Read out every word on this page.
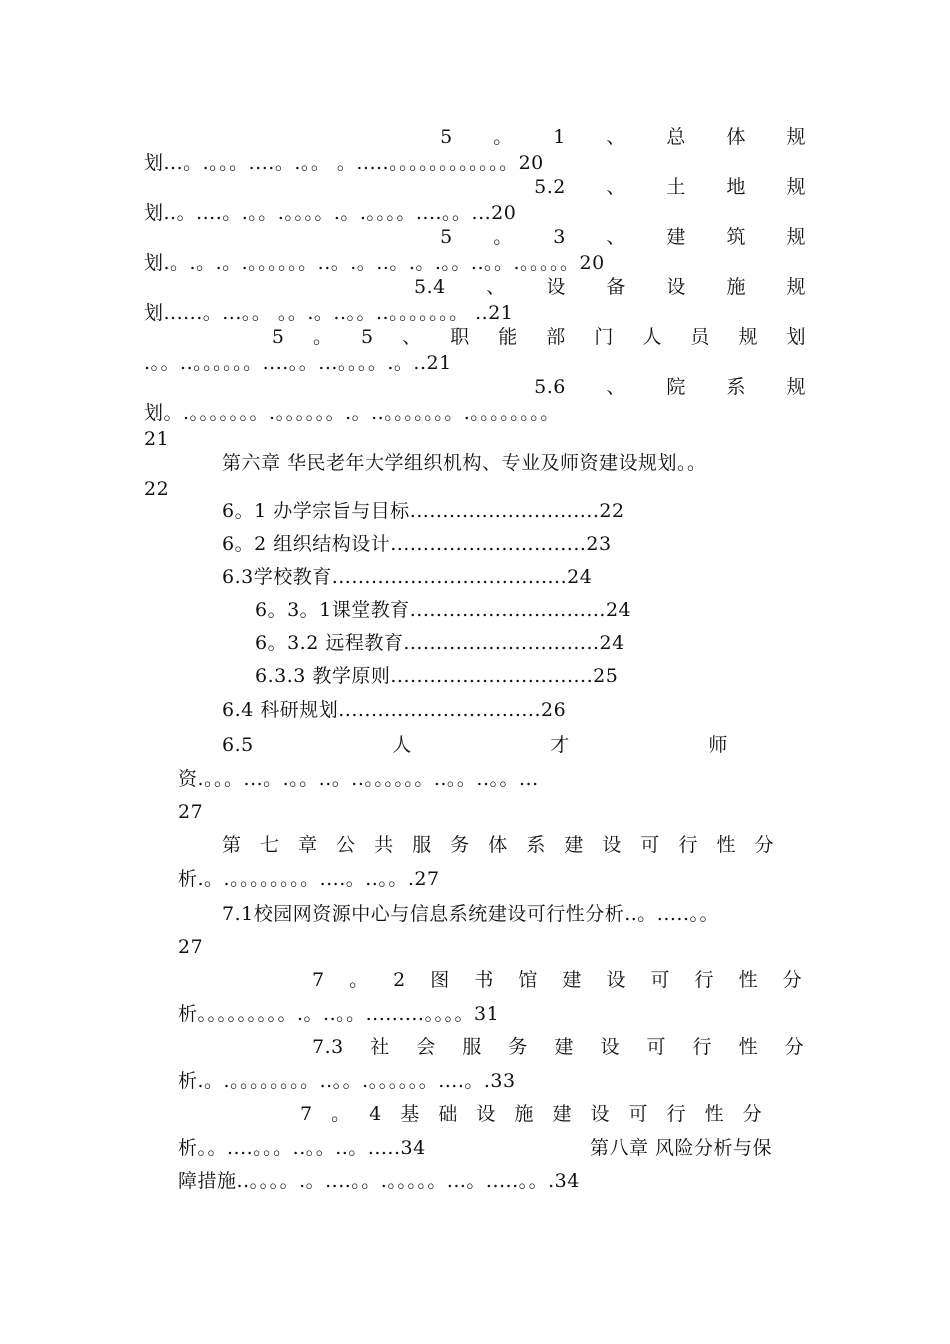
5 。 1 、 总 体 规
划...。.。。。....。.。。 。.....。。。。。。。。。。。。20
5.2 、 土 地 规
划..。....。.。。.。。。。.。.。。。。....。。...20
5 。 3 、 建 筑 规
划.。.。.。.。。。。。。..。.。..。.。.。。..。。.。。。。。20
5.4 、 设 备 设 施 规
划......。...。。 。。.。..。。..。。。。。。。 ..21
5 。 5 、 职 能 部 门 人 员 规 划
.。。..。。。。。。....。。...。。。。.。..21
5.6 、 院 系 规
划。.。。。。。。。.。。。。。。.。..。。。。。。。.。。。。。。。。
21
第六章 华民老年大学组织机构、专业及师资建设规划。。
22
6。1 办学宗旨与目标.............................22
6。2 组织结构设计..............................23
6.3学校教育....................................24
6。3。1课堂教育..............................24
6。3.2 远程教育..............................24
6.3.3 教学原则...............................25
6.4 科研规划...............................26
6.5 人 才 师
资.。。。...。.。。..。..。。。。。。..。。..。。...
27
第 七 章 公 共 服 务 体 系 建 设 可 行 性 分
析.。.。。。。。。。。....。..。。.27
7.1校园网资源中心与信息系统建设可行性分析..。.....。。
27
7 。 2 图 书 馆 建 设 可 行 性 分
析。。。。。。。。。.。..。。.........。。。。31
7.3 社 会 服 务 建 设 可 行 性 分
析.。.。。。。。。。。..。。.。。。。。。....。.33
7 。 4 基 础 设 施 建 设 可 行 性 分
析。。....。。。..。。..。.....34	第八章 风险分析与保
障措施..。。。。.。....。。.。。。。。...。.....。。.34
